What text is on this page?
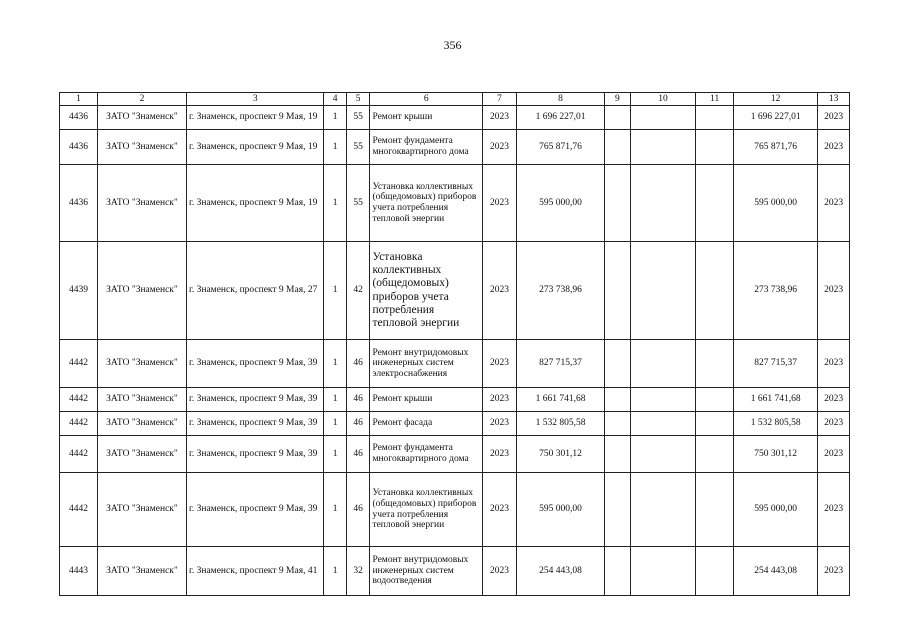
356
1	2	3	4	5	6	7	8	9	10	11	12	13
4436	ЗАТО "Знаменск"	г. Знаменск, проспект 9 Мая, 19	1	55	Ремонт крыши	2023	1 696 227,01				1 696 227,01	2023
4436	ЗАТО "Знаменск"	г. Знаменск, проспект 9 Мая, 19	1	55	Ремонт фундамента многоквартирного дома	2023	765 871,76				765 871,76	2023
4436	ЗАТО "Знаменск"	г. Знаменск, проспект 9 Мая, 19	1	55	Установка коллективных (общедомовых) приборов учета потребления тепловой энергии	2023	595 000,00				595 000,00	2023
4439	ЗАТО "Знаменск"	г. Знаменск, проспект 9 Мая, 27	1	42	Установка коллективных (общедомовых) приборов учета потребления тепловой энергии	2023	273 738,96				273 738,96	2023
4442	ЗАТО "Знаменск"	г. Знаменск, проспект 9 Мая, 39	1	46	Ремонт внутридомовых инженерных систем электроснабжения	2023	827 715,37				827 715,37	2023
4442	ЗАТО "Знаменск"	г. Знаменск, проспект 9 Мая, 39	1	46	Ремонт крыши	2023	1 661 741,68				1 661 741,68	2023
4442	ЗАТО "Знаменск"	г. Знаменск, проспект 9 Мая, 39	1	46	Ремонт фасада	2023	1 532 805,58				1 532 805,58	2023
4442	ЗАТО "Знаменск"	г. Знаменск, проспект 9 Мая, 39	1	46	Ремонт фундамента многоквартирного дома	2023	750 301,12				750 301,12	2023
4442	ЗАТО "Знаменск"	г. Знаменск, проспект 9 Мая, 39	1	46	Установка коллективных (общедомовых) приборов учета потребления тепловой энергии	2023	595 000,00				595 000,00	2023
4443	ЗАТО "Знаменск"	г. Знаменск, проспект 9 Мая, 41	1	32	Ремонт внутридомовых инженерных систем водоотведения	2023	254 443,08				254 443,08	2023
